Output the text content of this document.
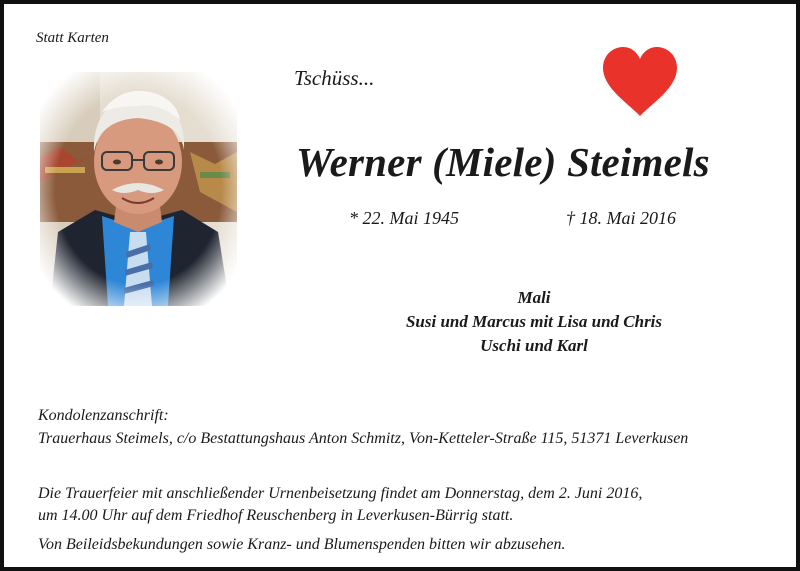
Statt Karten
Tschüss...
Werner (Miele) Steimels
* 22. Mai 1945	† 18. Mai 2016
Mali
Susi und Marcus mit Lisa und Chris
Uschi und Karl
Kondolenzanschrift:
Trauerhaus Steimels, c/o Bestattungshaus Anton Schmitz, Von-Ketteler-Straße 115, 51371 Leverkusen
Die Trauerfeier mit anschließender Urnenbeisetzung findet am Donnerstag, dem 2. Juni 2016,
um 14.00 Uhr auf dem Friedhof Reuschenberg in Leverkusen-Bürrig statt.
Von Beileidsbekundungen sowie Kranz- und Blumenspenden bitten wir abzusehen.
